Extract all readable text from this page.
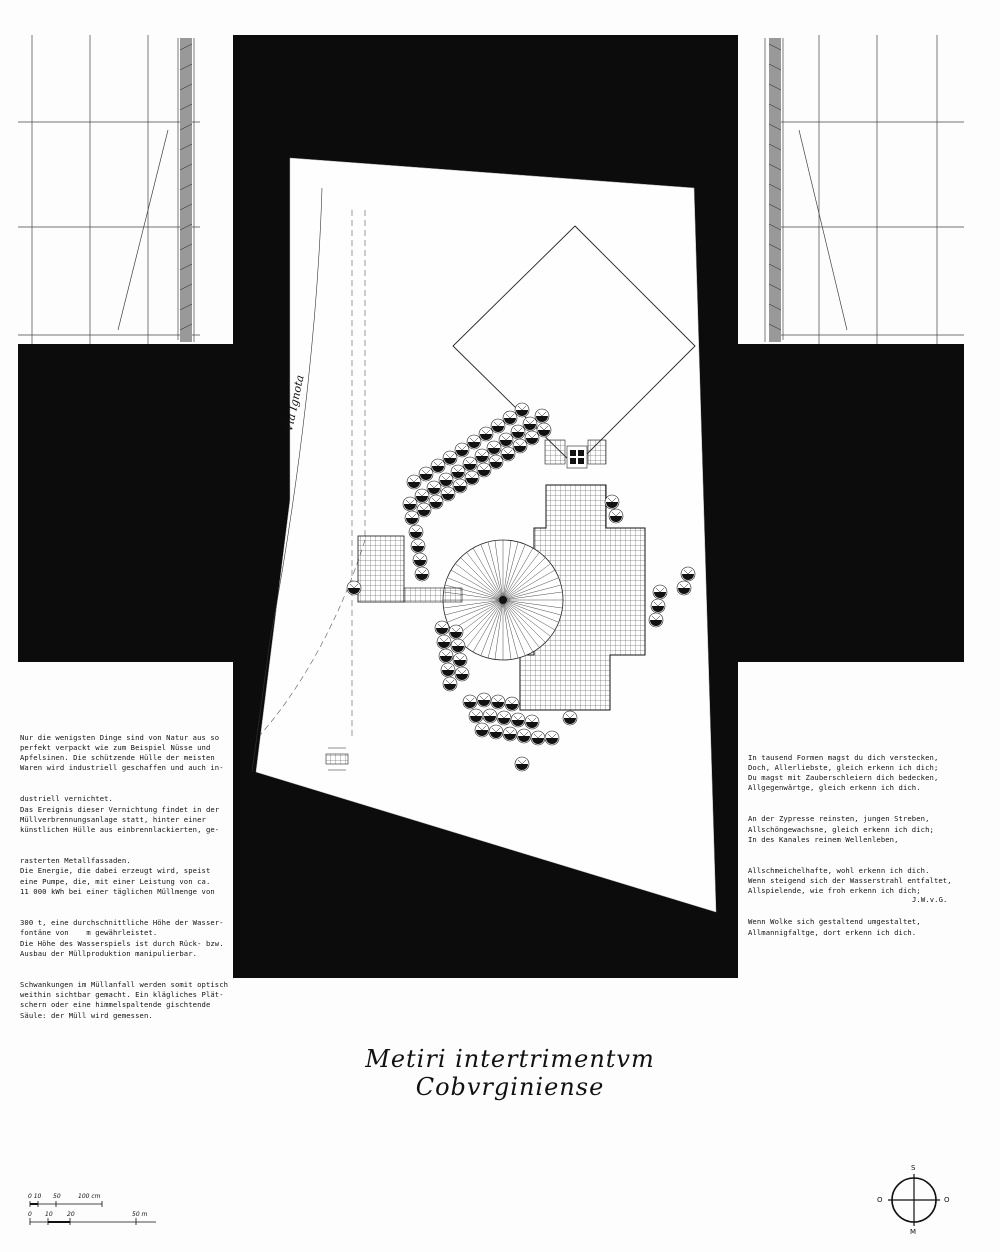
Via Ignota

Nur die wenigsten Dinge sind von Natur aus so
perfekt verpackt wie zum Beispiel Nüsse und
Apfelsinen. Die schützende Hülle der meisten
Waren wird industriell geschaffen und auch in-

dustriell vernichtet.
Das Ereignis dieser Vernichtung findet in der
Müllverbrennungsanlage statt, hinter einer
künstlichen Hülle aus einbrennlackierten, ge-

rasterten Metallfassaden.
Die Energie, die dabei erzeugt wird, speist
eine Pumpe, die, mit einer Leistung von ca.
11 000 kWh bei einer täglichen Müllmenge von

300 t, eine durchschnittliche Höhe der Wasser-
fontäne von    m gewährleistet.
Die Höhe des Wasserspiels ist durch Rück- bzw.
Ausbau der Müllproduktion manipulierbar.

Schwankungen im Müllanfall werden somit optisch
weithin sichtbar gemacht. Ein klägliches Plät-
schern oder eine himmelspaltende gischtende
Säule: der Müll wird gemessen.

In tausend Formen magst du dich verstecken,
Doch, Allerliebste, gleich erkenn ich dich;
Du magst mit Zauberschleiern dich bedecken,
Allgegenwärtge, gleich erkenn ich dich.

An der Zypresse reinsten, jungen Streben,
Allschöngewachsne, gleich erkenn ich dich;
In des Kanales reinem Wellenleben,

Allschmeichelhafte, wohl erkenn ich dich.
Wenn steigend sich der Wasserstrahl entfaltet,
Allspielende, wie froh erkenn ich dich;

Wenn Wolke sich gestaltend umgestaltet,
Allmannigfaltge, dort erkenn ich dich.

J.W.v.G.
Metiri intertrimentvm Cobvrginiense
0 10 50	100 cm
0 10 20	50 m
S
O
O
M
